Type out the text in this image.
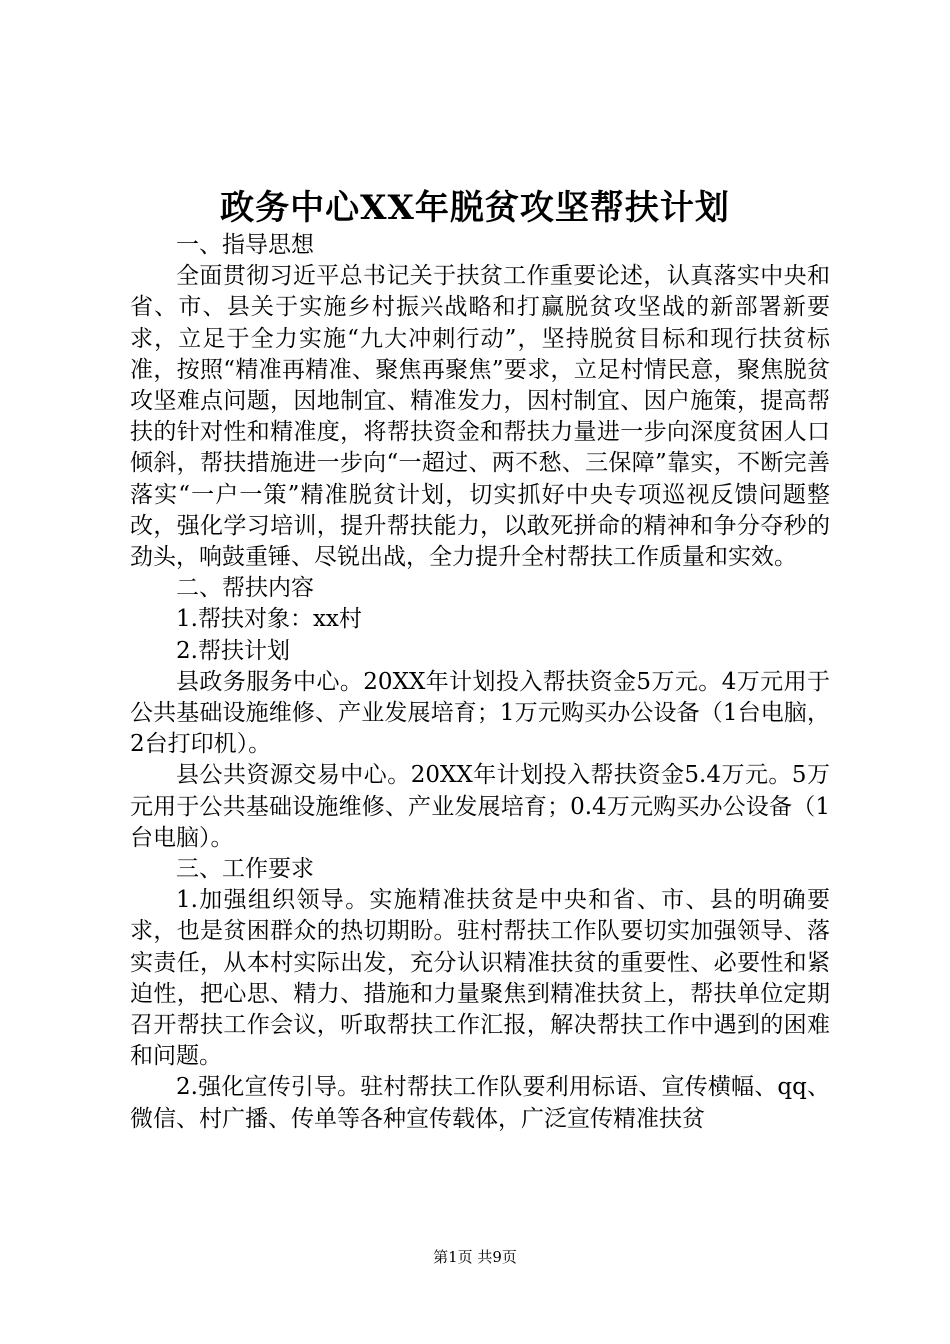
政务中心XX年脱贫攻坚帮扶计划

一、指导思想

全面贯彻习近平总书记关于扶贫工作重要论述，认真落实中央和省、市、县关于实施乡村振兴战略和打赢脱贫攻坚战的新部署新要求，立足于全力实施“九大冲刺行动”，坚持脱贫目标和现行扶贫标准，按照“精准再精准、聚焦再聚焦”要求，立足村情民意，聚焦脱贫攻坚难点问题，因地制宜、精准发力，因村制宜、因户施策，提高帮扶的针对性和精准度，将帮扶资金和帮扶力量进一步向深度贫困人口倾斜，帮扶措施进一步向“一超过、两不愁、三保障”靠实，不断完善落实“一户一策”精准脱贫计划，切实抓好中央专项巡视反馈问题整改，强化学习培训，提升帮扶能力，以敢死拼命的精神和争分夺秒的劲头，响鼓重锤、尽锐出战，全力提升全村帮扶工作质量和实效。

二、帮扶内容

1.帮扶对象：xx村

2.帮扶计划

县政务服务中心。20XX年计划投入帮扶资金5万元。4万元用于公共基础设施维修、产业发展培育；1万元购买办公设备（1台电脑，2台打印机）。

县公共资源交易中心。20XX年计划投入帮扶资金5.4万元。5万元用于公共基础设施维修、产业发展培育；0.4万元购买办公设备（1台电脑）。

三、工作要求

1.加强组织领导。实施精准扶贫是中央和省、市、县的明确要求，也是贫困群众的热切期盼。驻村帮扶工作队要切实加强领导、落实责任，从本村实际出发，充分认识精准扶贫的重要性、必要性和紧迫性，把心思、精力、措施和力量聚焦到精准扶贫上，帮扶单位定期召开帮扶工作会议，听取帮扶工作汇报，解决帮扶工作中遇到的困难和问题。

2.强化宣传引导。驻村帮扶工作队要利用标语、宣传横幅、qq、微信、村广播、传单等各种宣传载体，广泛宣传精准扶贫

第1页 共9页
